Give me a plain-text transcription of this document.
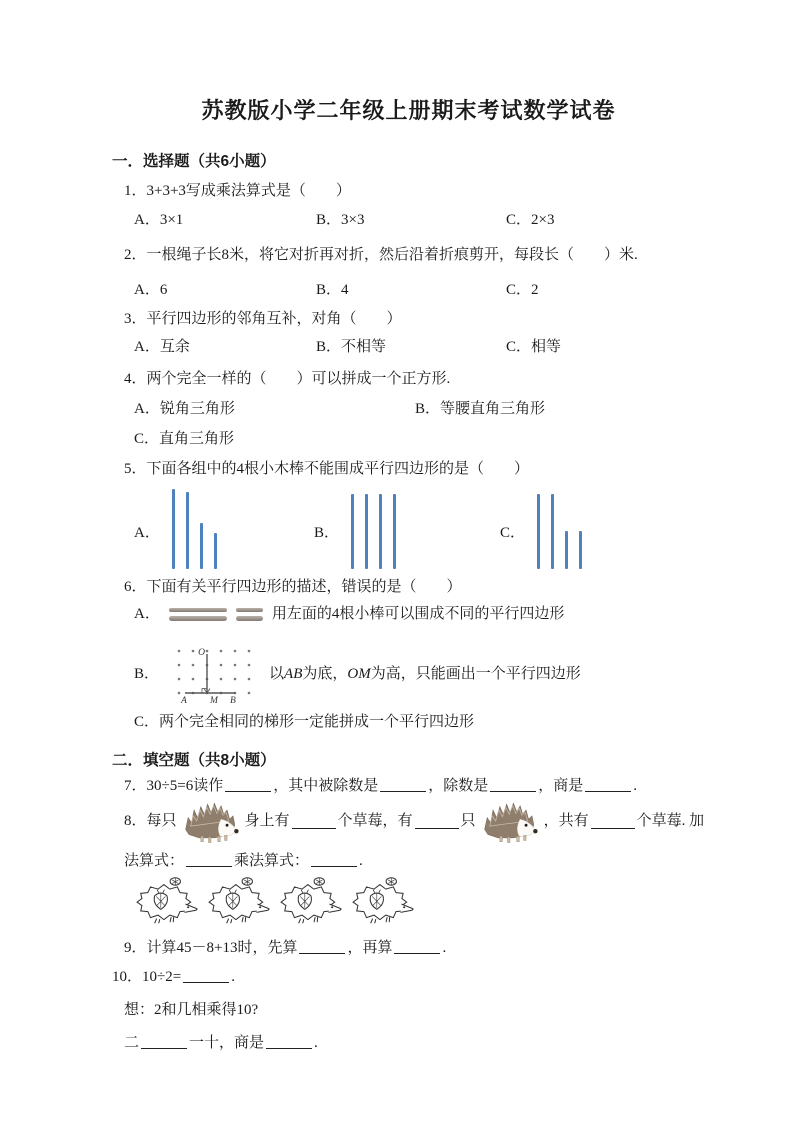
苏教版小学二年级上册期末考试数学试卷
一．选择题（共6小题）
1．3+3+3写成乘法算式是（　　）
A．3×1	B．3×3	C．2×3
2．一根绳子长8米，将它对折再对折，然后沿着折痕剪开，每段长（　　）米.
A．6	B．4	C．2
3．平行四边形的邻角互补，对角（　　）
A．互余	B．不相等	C．相等
4．两个完全一样的（　　）可以拼成一个正方形.
A．锐角三角形	B．等腰直角三角形
C．直角三角形
5．下面各组中的4根小木棒不能围成平行四边形的是（　　）
A．	B．	C．
6．下面有关平行四边形的描述，错误的是（　　）
A．	用左面的4根小棒可以围成不同的平行四边形
B．
O
A M B
以AB为底，OM为高，只能画出一个平行四边形
C．两个完全相同的梯形一定能拼成一个平行四边形
二．填空题（共8小题）
7．30÷5=6读作	，其中被除数是	，除数是	，商是	.
8．每只	身上有	个草莓，有	只	，共有	个草莓. 加
法算式：	乘法算式：	.
9．计算45－8+13时，先算	，再算	.
10．10÷2=	.
想：2和几相乘得10?
二	一十，商是	.
